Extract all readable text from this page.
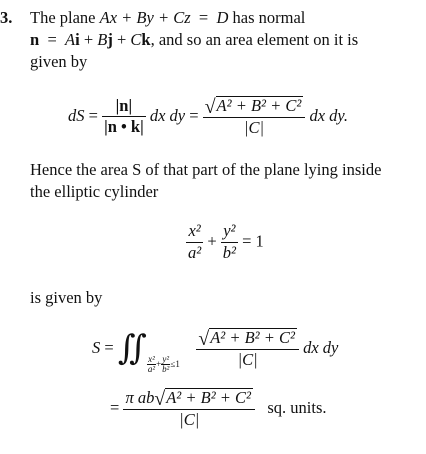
3. The plane Ax + By + Cz = D has normal
n = Ai + Bj + Ck, and so an area element on it is
given by
dS = $\frac{|n|}{|n • k|}$ dx dy = $\frac{\text{√A² + B² + C²}}{|C|}$ dx dy.
Hence the area S of that part of the plane lying inside
the elliptic cylinder
$\frac{\text{x²}}{\text{a²}} + \frac{\text{y²}}{\text{b²}} = 1$
is given by
S = ∬ $\frac{\text{x²}}{\text{a²}} + \frac{\text{y²}}{\text{b²}} \le 1 \frac{\text{√A² + B² + C²}}{|C|}$ dx dy
= $\frac{\text{π ab√A² + B² + C²}}{|C|}$ sq. units.
